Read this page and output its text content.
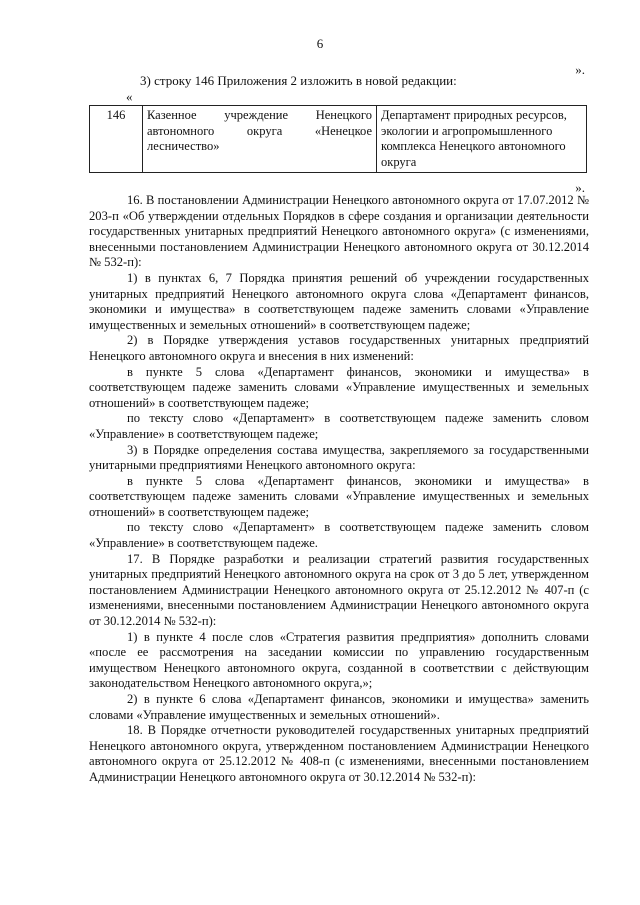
6
».
3) строку 146 Приложения 2 изложить в новой редакции:
«
146	Казенное учреждение Ненецкого автономного округа «Ненецкое лесничество»	Департамент природных ресурсов, экологии и агропромышленного комплекса Ненецкого автономного округа
».

16. В постановлении Администрации Ненецкого автономного округа от 17.07.2012 № 203-п «Об утверждении отдельных Порядков в сфере создания и организации деятельности государственных унитарных предприятий Ненецкого автономного округа» (с изменениями, внесенными постановлением Администрации Ненецкого автономного округа от 30.12.2014 № 532-п):

1) в пунктах 6, 7 Порядка принятия решений об учреждении государственных унитарных предприятий Ненецкого автономного округа слова «Департамент финансов, экономики и имущества» в соответствующем падеже заменить словами «Управление имущественных и земельных отношений» в соответствующем падеже;

2) в Порядке утверждения уставов государственных унитарных предприятий Ненецкого автономного округа и внесения в них изменений:

в пункте 5 слова «Департамент финансов, экономики и имущества» в соответствующем падеже заменить словами «Управление имущественных и земельных отношений» в соответствующем падеже;

по тексту слово «Департамент» в соответствующем падеже заменить словом «Управление» в соответствующем падеже;

3) в Порядке определения состава имущества, закрепляемого за государственными унитарными предприятиями Ненецкого автономного округа:

в пункте 5 слова «Департамент финансов, экономики и имущества» в соответствующем падеже заменить словами «Управление имущественных и земельных отношений» в соответствующем падеже;

по тексту слово «Департамент» в соответствующем падеже заменить словом «Управление» в соответствующем падеже.

17. В Порядке разработки и реализации стратегий развития государственных унитарных предприятий Ненецкого автономного округа на срок от 3 до 5 лет, утвержденном постановлением Администрации Ненецкого автономного округа от 25.12.2012 № 407-п (с изменениями, внесенными постановлением Администрации Ненецкого автономного округа от 30.12.2014 № 532-п):

1) в пункте 4 после слов «Стратегия развития предприятия» дополнить словами «после ее рассмотрения на заседании комиссии по управлению государственным имуществом Ненецкого автономного округа, созданной в соответствии с действующим законодательством Ненецкого автономного округа,»;

2) в пункте 6 слова «Департамент финансов, экономики и имущества» заменить словами «Управление имущественных и земельных отношений».

18. В Порядке отчетности руководителей государственных унитарных предприятий Ненецкого автономного округа, утвержденном постановлением Администрации Ненецкого автономного округа от 25.12.2012 № 408-п (с изменениями, внесенными постановлением Администрации Ненецкого автономного округа от 30.12.2014 № 532-п):
